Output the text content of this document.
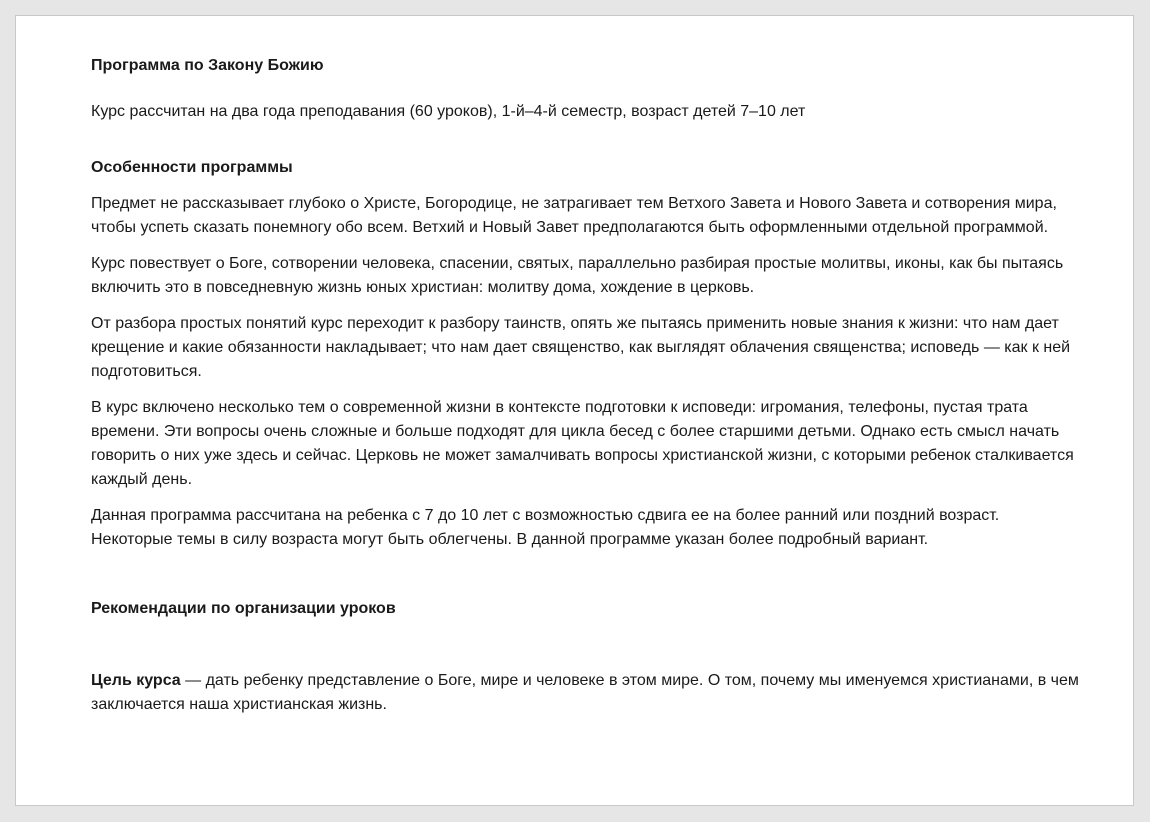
Программа по Закону Божию

Курс рассчитан на два года преподавания (60 уроков), 1-й–4-й семестр, возраст детей 7–10 лет

Особенности программы

Предмет не рассказывает глубоко о Христе, Богородице, не затрагивает тем Ветхого Завета и Нового Завета и сотворения мира, чтобы успеть сказать понемногу обо всем. Ветхий и Новый Завет предполагаются быть оформленными отдельной программой.

Курс повествует о Боге, сотворении человека, спасении, святых, параллельно разбирая простые молитвы, иконы, как бы пытаясь включить это в повседневную жизнь юных христиан: молитву дома, хождение в церковь.

От разбора простых понятий курс переходит к разбору таинств, опять же пытаясь применить новые знания к жизни: что нам дает крещение и какие обязанности накладывает; что нам дает священство, как выглядят облачения священства; исповедь — как к ней подготовиться.

В курс включено несколько тем о современной жизни в контексте подготовки к исповеди: игромания, телефоны, пустая трата времени. Эти вопросы очень сложные и больше подходят для цикла бесед с более старшими детьми. Однако есть смысл начать говорить о них уже здесь и сейчас. Церковь не может замалчивать вопросы христианской жизни, с которыми ребенок сталкивается каждый день.

Данная программа рассчитана на ребенка с 7 до 10 лет с возможностью сдвига ее на более ранний или поздний возраст. Некоторые темы в силу возраста могут быть облегчены. В данной программе указан более подробный вариант.

Рекомендации по организации уроков

Цель курса — дать ребенку представление о Боге, мире и человеке в этом мире. О том, почему мы именуемся христианами, в чем заключается наша христианская жизнь.
